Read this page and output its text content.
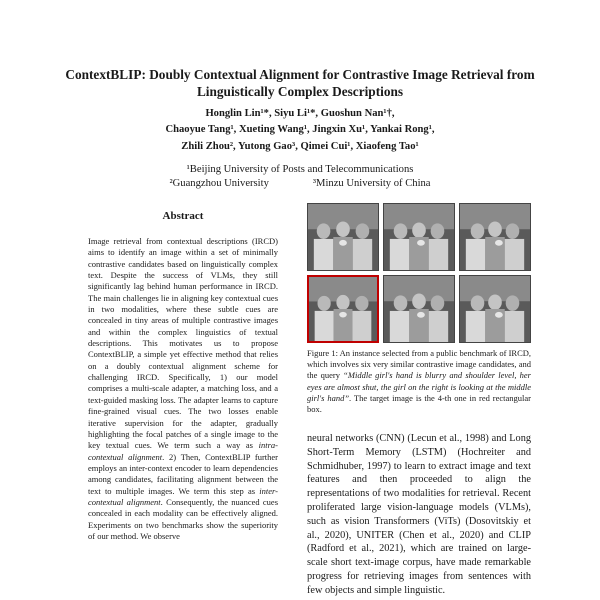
ContextBLIP: Doubly Contextual Alignment for Contrastive Image Retrieval from Linguistically Complex Descriptions
Honglin Lin¹*, Siyu Li¹*, Guoshun Nan¹†,
Chaoyue Tang¹, Xueting Wang¹, Jingxin Xu¹, Yankai Rong¹,
Zhili Zhou², Yutong Gao³, Qimei Cui¹, Xiaofeng Tao¹
¹Beijing University of Posts and Telecommunications
²Guangzhou University	³Minzu University of China
Abstract
Image retrieval from contextual descriptions (IRCD) aims to identify an image within a set of minimally contrastive candidates based on linguistically complex text. Despite the success of VLMs, they still significantly lag behind human performance in IRCD. The main challenges lie in aligning key contextual cues in two modalities, where these subtle cues are concealed in tiny areas of multiple contrastive images and within the complex linguistics of textual descriptions. This motivates us to propose ContextBLIP, a simple yet effective method that relies on a doubly contextual alignment scheme for challenging IRCD. Specifically, 1) our model comprises a multi-scale adapter, a matching loss, and a text-guided masking loss. The adapter learns to capture fine-grained visual cues. The two losses enable iterative supervision for the adapter, gradually highlighting the focal patches of a single image to the key textual cues. We term such a way as intra-contextual alignment. 2) Then, ContextBLIP further employs an inter-context encoder to learn dependencies among candidates, facilitating alignment between the text to multiple images. We term this step as inter-contextual alignment. Consequently, the nuanced cues concealed in each modality can be effectively aligned. Experiments on two benchmarks show the superiority of our method. We observe
Figure 1: An instance selected from a public benchmark of IRCD, which involves six very similar contrastive image candidates, and the query “Middle girl's hand is blurry and shoulder level, her eyes are almost shut, the girl on the right is looking at the middle girl's hand”. The target image is the 4-th one in red rectangular box.
neural networks (CNN) (Lecun et al., 1998) and Long Short-Term Memory (LSTM) (Hochreiter and Schmidhuber, 1997) to learn to extract image and text features and then proceeded to align the representations of two modalities for retrieval. Recent proliferated large vision-language models (VLMs), such as vision Transformers (ViTs) (Dosovitskiy et al., 2020), UNITER (Chen et al., 2020) and CLIP (Radford et al., 2021), which are trained on large-scale short text-image corpus, have made remarkable progress for retrieving images from sentences with few objects and simple linguistic.
